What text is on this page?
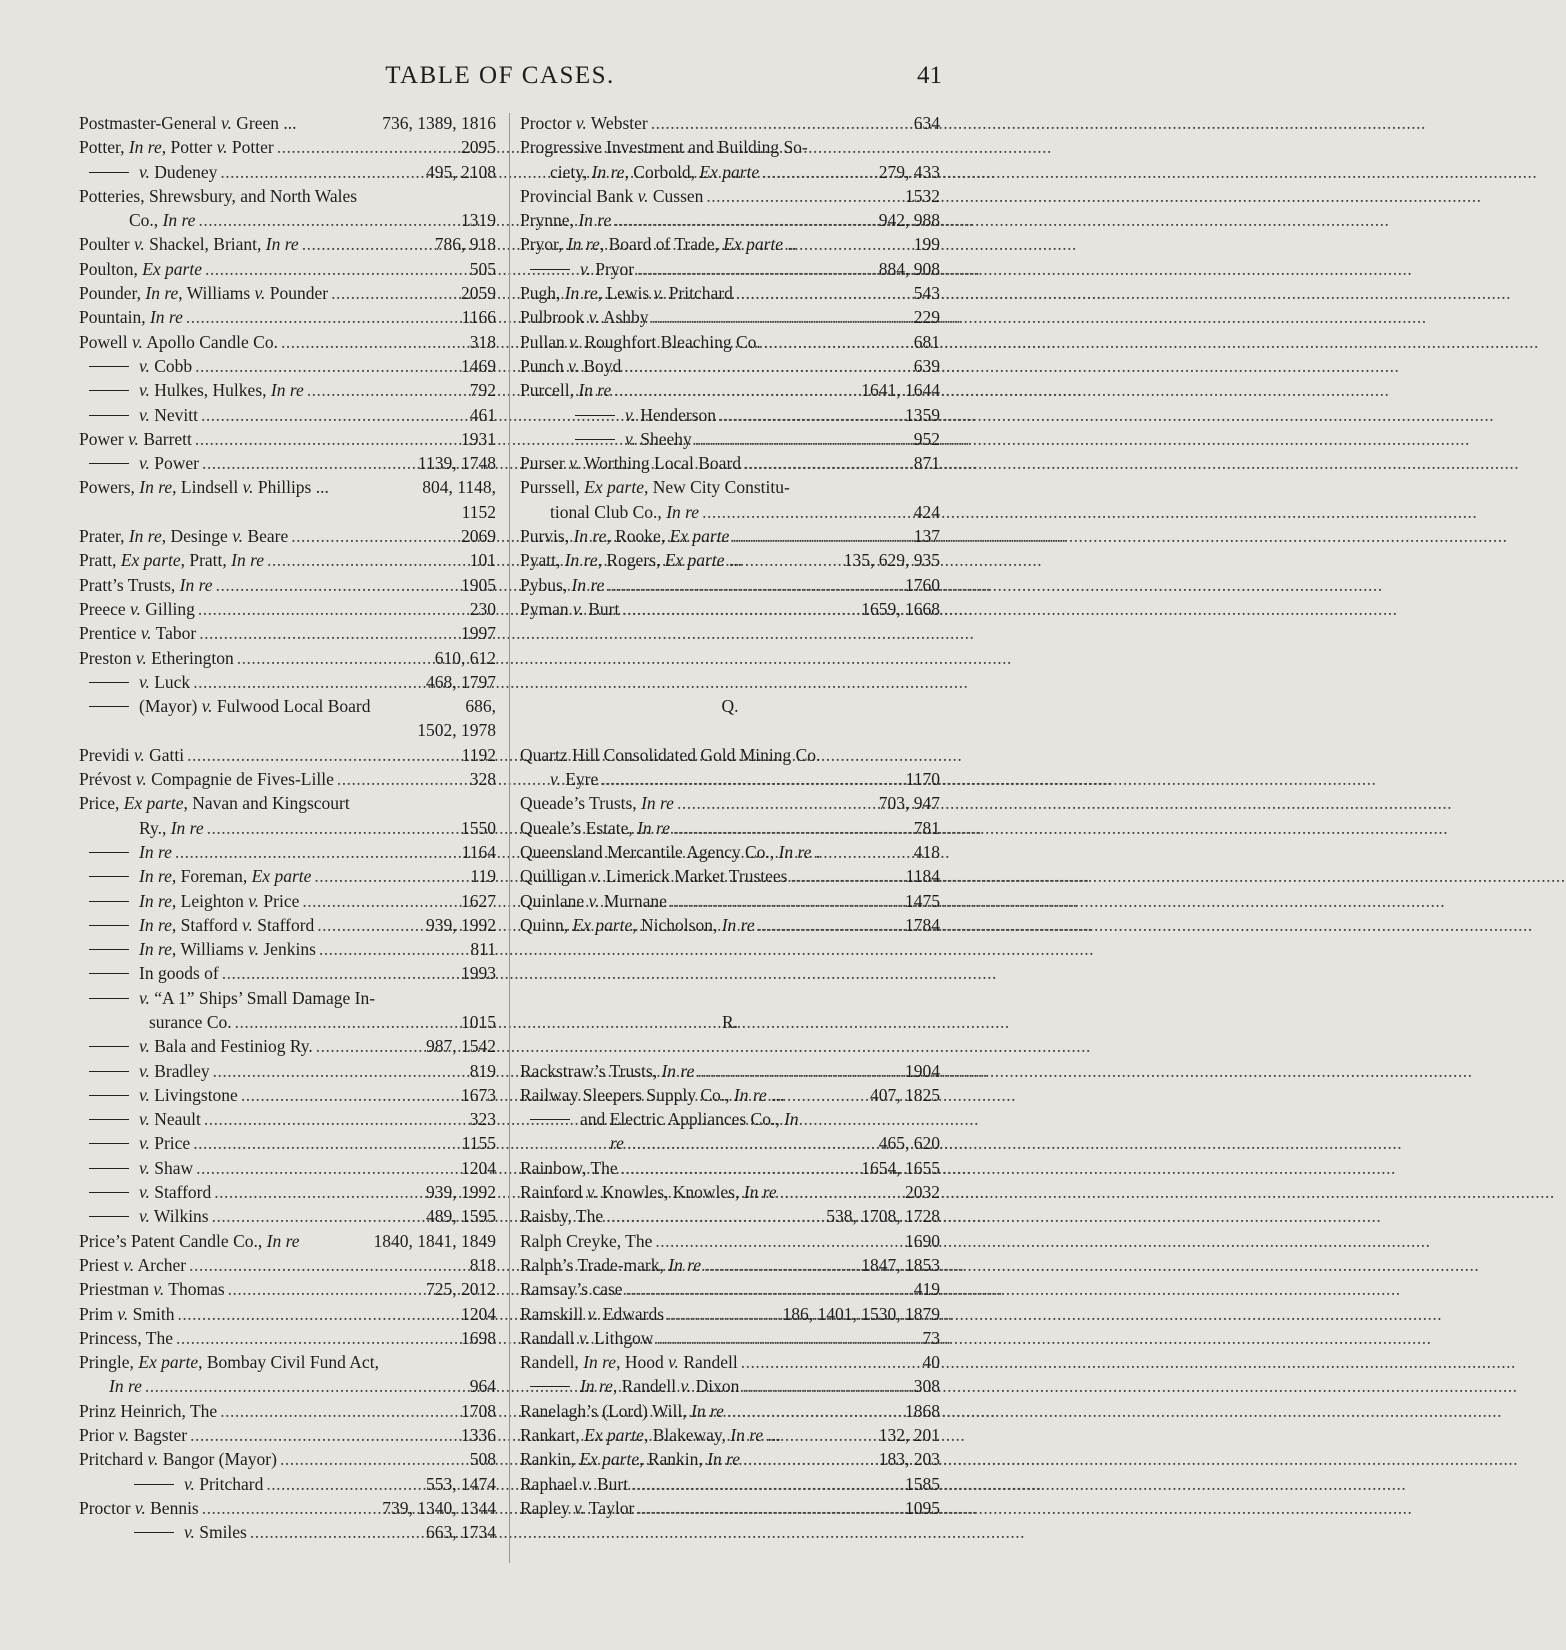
TABLE OF CASES.	41
Postmaster-General v. Green ...	736, 1389, 1816
Potter, In re, Potter v. Potter .....	2095
v. Dudeney .....	495, 2108
Potteries, Shrewsbury, and North Wales
Co., In re .....	1319
Poulter v. Shackel, Briant, In re .....	786, 918
Poulton, Ex parte .....	505
Pounder, In re, Williams v. Pounder .....	2059
Pountain, In re .....	1166
Powell v. Apollo Candle Co. .....	318
v. Cobb .....	1469
v. Hulkes, Hulkes, In re .....	792
v. Nevitt .....	461
Power v. Barrett .....	1931
v. Power .....	1139, 1748
Powers, In re, Lindsell v. Phillips ...	804, 1148,
1152
Prater, In re, Desinge v. Beare .....	2069
Pratt, Ex parte, Pratt, In re .....	101
Pratt’s Trusts, In re .....	1905
Preece v. Gilling .....	230
Prentice v. Tabor .....	1997
Preston v. Etherington .....	610, 612
v. Luck .....	468, 1797
(Mayor) v. Fulwood Local Board	686,
1502, 1978
Previdi v. Gatti .....	1192
Prévost v. Compagnie de Fives-Lille .....	328
Price, Ex parte, Navan and Kingscourt
Ry., In re .....	1550
In re .....	1164
In re, Foreman, Ex parte .....	119
In re, Leighton v. Price .....	1627
In re, Stafford v. Stafford .....	939, 1992
In re, Williams v. Jenkins .....	811
In goods of .....	1993
v. “A 1” Ships’ Small Damage In-
surance Co. .....	1015
v. Bala and Festiniog Ry. .....	987, 1542
v. Bradley .....	819
v. Livingstone .....	1673
v. Neault .....	323
v. Price .....	1155
v. Shaw .....	1204
v. Stafford .....	939, 1992
v. Wilkins .....	489, 1595
Price’s Patent Candle Co., In re	1840, 1841, 1849
Priest v. Archer .....	818
Priestman v. Thomas .....	725, 2012
Prim v. Smith .....	1204
Princess, The .....	1698
Pringle, Ex parte, Bombay Civil Fund Act,
In re .....	964
Prinz Heinrich, The .....	1708
Prior v. Bagster .....	1336
Pritchard v. Bangor (Mayor) .....	508
v. Pritchard .....	553, 1474
Proctor v. Bennis .....	739, 1340, 1344
v. Smiles .....	663, 1734
Proctor v. Webster .....	634
Progressive Investment and Building So-
ciety, In re, Corbold, Ex parte .....	279, 433
Provincial Bank v. Cussen .....	1532
Prynne, In re .....	942, 988
Pryor, In re, Board of Trade, Ex parte ..	199
v. Pryor .....	884, 908
Pugh, In re, Lewis v. Pritchard .....	543
Pulbrook v. Ashby .....	229
Pullan v. Roughfort Bleaching Co. .....	681
Punch v. Boyd .....	639
Purcell, In re .....	1641, 1644
v. Henderson .....	1359
v. Sheehy .....	952
Purser v. Worthing Local Board .....	871
Purssell, Ex parte, New City Constitu-
tional Club Co., In re .....	424
Purvis, In re, Rooke, Ex parte .....	137
Pyatt, In re, Rogers, Ex parte ...	135, 629, 935
Pybus, In re .....	1760
Pyman v. Burt .....	1659, 1668
Q.
Quartz Hill Consolidated Gold Mining Co.
v. Eyre .....	1170
Queade’s Trusts, In re .....	703, 947
Queale’s Estate, In re .....	781
Queensland Mercantile Agency Co., In re .	418
Quilligan v. Limerick Market Trustees .....	1184
Quinlane v. Murnane .....	1475
Quinn, Ex parte, Nicholson, In re .....	1784
R.
Rackstraw’s Trusts, In re .....	1904
Railway Sleepers Supply Co., In re ...	407, 1825
and Electric Appliances Co., In
re .....	465, 620
Rainbow, The .....	1654, 1655
Rainford v. Knowles, Knowles, In re .....	2032
Raisby, The .....	538, 1708, 1728
Ralph Creyke, The .....	1690
Ralph’s Trade-mark, In re .....	1847, 1853
Ramsay’s case .....	419
Ramskill v. Edwards .....	186, 1401, 1530, 1879
Randall v. Lithgow .....	73
Randell, In re, Hood v. Randell .....	40
In re, Randell v. Dixon .....	308
Ranelagh’s (Lord) Will, In re .....	1868
Rankart, Ex parte, Blakeway, In re ...	132, 201
Rankin, Ex parte, Rankin, In re .....	183, 203
Raphael v. Burt .....	1585
Rapley v. Taylor .....	1095
